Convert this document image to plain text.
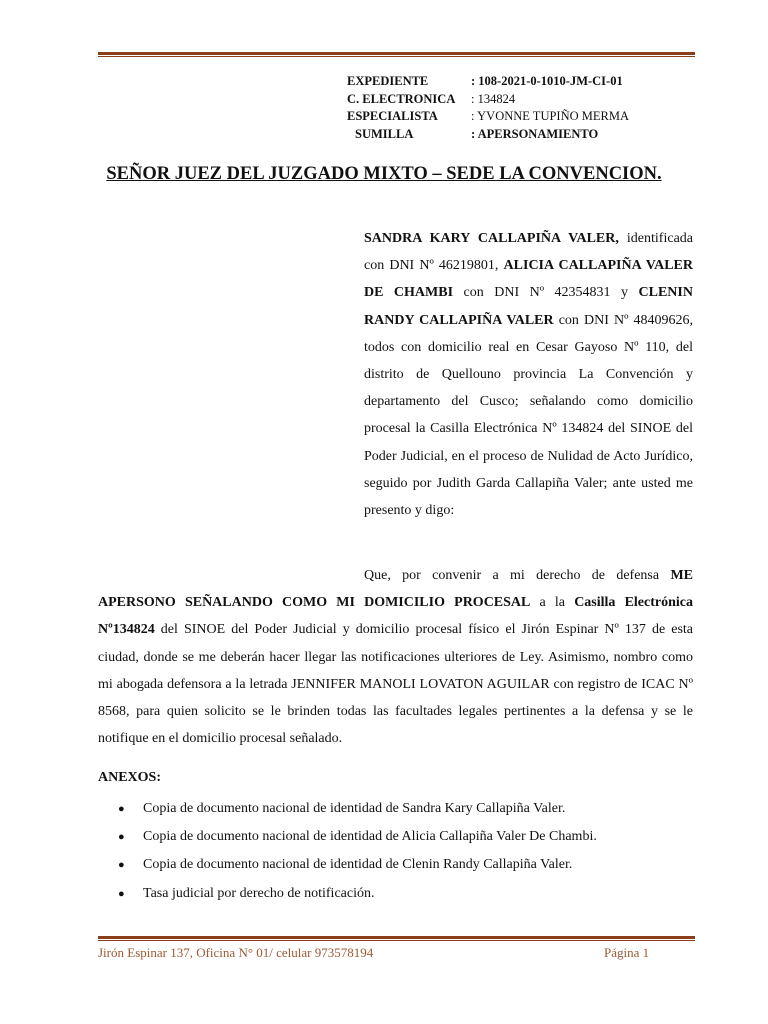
EXPEDIENTE	: 108-2021-0-1010-JM-CI-01
C. ELECTRONICA	: 134824
ESPECIALISTA	: YVONNE TUPIÑO MERMA
SUMILLA	: APERSONAMIENTO
SEÑOR JUEZ DEL JUZGADO MIXTO – SEDE LA CONVENCION.
SANDRA KARY CALLAPIÑA VALER, identificada con DNI Nº 46219801, ALICIA CALLAPIÑA VALER DE CHAMBI con DNI Nº 42354831 y CLENIN RANDY CALLAPIÑA VALER con DNI Nº 48409626, todos con domicilio real en Cesar Gayoso Nº 110, del distrito de Quellouno provincia La Convención y departamento del Cusco; señalando como domicilio procesal la Casilla Electrónica Nº 134824 del SINOE del Poder Judicial, en el proceso de Nulidad de Acto Jurídico, seguido por Judith Garda Callapiña Valer; ante usted me presento y digo:
Que, por convenir a mi derecho de defensa ME APERSONO SEÑALANDO COMO MI DOMICILIO PROCESAL a la Casilla Electrónica Nº134824 del SINOE del Poder Judicial y domicilio procesal físico el Jirón Espinar Nº 137 de esta ciudad, donde se me deberán hacer llegar las notificaciones ulteriores de Ley. Asimismo, nombro como mi abogada defensora a la letrada JENNIFER MANOLI LOVATON AGUILAR con registro de ICAC Nº 8568, para quien solicito se le brinden todas las facultades legales pertinentes a la defensa y se le notifique en el domicilio procesal señalado.
ANEXOS:
●	Copia de documento nacional de identidad de Sandra Kary Callapiña Valer.
●	Copia de documento nacional de identidad de Alicia Callapiña Valer De Chambi.
●	Copia de documento nacional de identidad de Clenin Randy Callapiña Valer.
●	Tasa judicial por derecho de notificación.
Jirón Espinar 137, Oficina N° 01/ celular 973578194	Página 1
